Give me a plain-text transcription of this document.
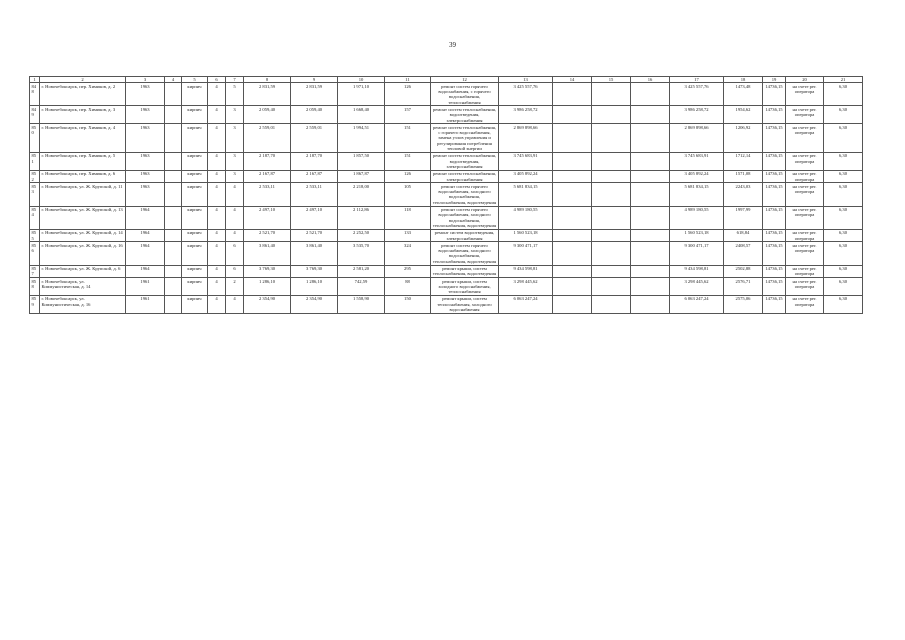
39
1	2	3	4	5	6	7	8	9	10	11	12	13	14	15	16	17	18	19	20	21
848	г. Новочебоксарск, пер. Химиков, д. 2	1963		кирпич	4	5	2 831,59	2 831,59	1 971,10	126	ремонт систем горячего водоснабжения, с горячего водоснабжения, теплоснабжения	3 425 557,76				3 425 557,76	1473,48	14736,15	на счете рег. оператора	6,30
849	г. Новочебоксарск, пер. Химиков, д. 3	1963		кирпич	4	3	2 059,40	2 059,40	1 668,40	157	ремонт систем теплоснабжения, водоотведения, электроснабжения	3 986 258,72				3 986 258,72	1954,62	14736,15	на счете рег. оператора	6,30
850	г. Новочебоксарск, пер. Химиков, д. 4	1963		кирпич	4	3	2 559,01	2 559,01	1 994,51	151	ремонт систем теплоснабжения, с горячего водоснабжения, замена узлов управления и регулирования потребления тепловой энергии	2 869 898,66				2 869 898,66	1206,92	14736,15	на счете рег. оператора	6,30
851	г. Новочебоксарск, пер. Химиков, д. 5	1963		кирпич	4	3	2 187,70	2 187,70	1 857,50	151	ремонт систем теплоснабжения, водоотведения, электроснабжения	3 745 683,91				3 745 683,91	1712,14	14736,15	на счете рег. оператора	6,30
852	г. Новочебоксарск, пер. Химиков, д. 6	1963		кирпич	4	3	2 167,87	2 167,87	1 867,87	126	ремонт систем теплоснабжения, электроснабжения	3 405 892,24				3 405 892,24	1571,08	14736,15	на счете рег. оператора	6,30
853	г. Новочебоксарск, ул. Ж. Крупской, д. 11	1963		кирпич	4	4	2 533,11	2 533,11	2 218,00	105	ремонт систем горячего водоснабжения, холодного водоснабжения, теплоснабжения, водоотведения	5 681 834,15				5 681 834,15	2243,03	14736,15	на счете рег. оператора	6,30
854	г. Новочебоксарск, ул. Ж. Крупской, д. 13	1964		кирпич	4	4	2 497,10	2 497,10	2 112,86	118	ремонт систем горячего водоснабжения, холодного водоснабжения, теплоснабжения, водоотведения	4 989 180,55				4 989 180,55	1997,99	14736,15	на счете рег. оператора	6,30
855	г. Новочебоксарск, ул. Ж. Крупской, д. 14	1964		кирпич	4	4	2 521,70	2 521,70	2 252,50	133	ремонт систем водоотведения, электроснабжения	1 560 523,18				1 560 523,18	618,84	14736,15	на счете рег. оператора	6,30
856	г. Новочебоксарск, ул. Ж. Крупской, д. 16	1964		кирпич	4	6	3 861,40	3 861,40	3 535,70	324	ремонт систем горячего водоснабжения, холодного водоснабжения, теплоснабжения, водоотведения	9 300 471,17				9 300 471,17	2408,57	14736,15	на счете рег. оператора	6,30
857	г. Новочебоксарск, ул. Ж. Крупской, д. 6	1964		кирпич	4	6	3 769,30	3 769,30	2 581,20	295	ремонт крыши, систем теплоснабжения, водоотведения	9 434 598,81				9 434 598,81	2502,88	14736,15	на счете рег. оператора	6,30
858	г. Новочебоксарск, ул. Коммунистическая, д. 14	1961		кирпич	4	2	1 286,10	1 286,10	742,59	88	ремонт крыши, систем холодного водоснабжения, теплоснабжения	3 298 445,62				3 298 445,62	2576,71	14736,15	на счете рег. оператора	6,30
859	г. Новочебоксарск, ул. Коммунистическая, д. 16	1961		кирпич	4	4	2 354,90	2 354,90	1 558,90	150	ремонт крыши, систем теплоснабжения, холодного водоснабжения	6 063 247,24				6 063 247,24	2575,06	14736,15	на счете рег. оператора	6,30
